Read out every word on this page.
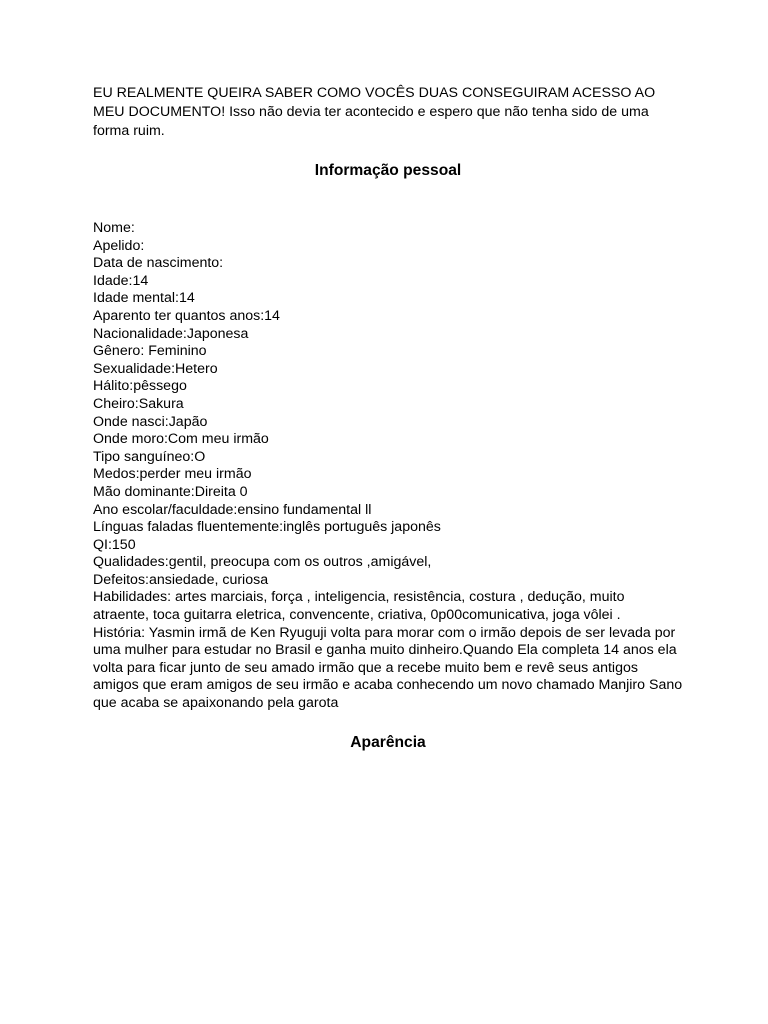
EU REALMENTE QUEIRA SABER COMO VOCÊS DUAS CONSEGUIRAM ACESSO AO MEU DOCUMENTO! Isso não devia ter acontecido e espero que não tenha sido de uma forma ruim.

Informação pessoal

Nome:

Apelido:

Data de nascimento:

Idade:14

Idade mental:14

Aparento ter quantos anos:14

Nacionalidade:Japonesa

Gênero: Feminino

Sexualidade:Hetero

Hálito:pêssego

Cheiro:Sakura

Onde nasci:Japão

Onde moro:Com meu irmão

Tipo sanguíneo:O

Medos:perder meu irmão

Mão dominante:Direita 0

Ano escolar/faculdade:ensino fundamental ll

Línguas faladas fluentemente:inglês português japonês

QI:150

Qualidades:gentil, preocupa com os outros ,amigável,

Defeitos:ansiedade, curiosa

Habilidades: artes marciais, força , inteligencia, resistência, costura , dedução, muito atraente, toca guitarra eletrica, convencente, criativa, 0p00comunicativa, joga vôlei .

História: Yasmin irmã de Ken Ryuguji volta para morar com o irmão depois de ser levada por uma mulher para estudar no Brasil e ganha muito dinheiro.Quando Ela completa 14 anos ela volta para ficar junto de seu amado irmão que a recebe muito bem e revê seus antigos amigos que eram amigos de seu irmão e acaba conhecendo um novo chamado Manjiro Sano que acaba se apaixonando pela garota

Aparência
